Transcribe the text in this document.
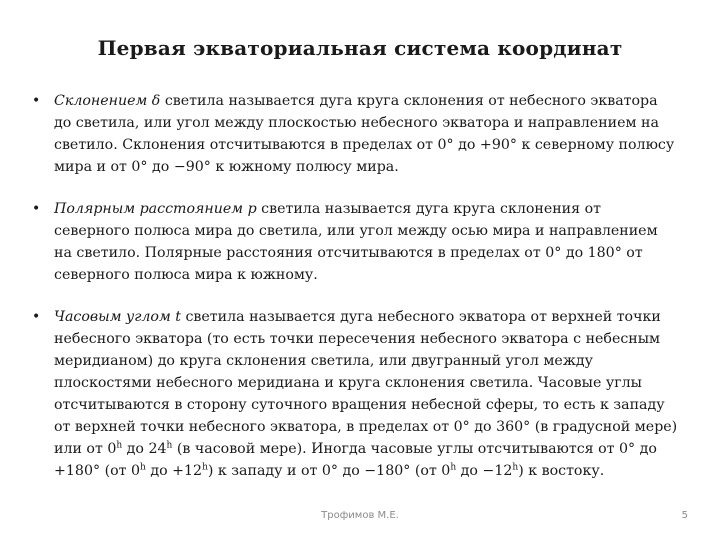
Первая экваториальная система координат
• Склонением δ светила называется дуга круга склонения от небесного экватора до светила, или угол между плоскостью небесного экватора и направлением на светило. Склонения отсчитываются в пределах от 0° до +90° к северному полюсу мира и от 0° до −90° к южному полюсу мира.
• Полярным расстоянием р светила называется дуга круга склонения от северного полюса мира до светила, или угол между осью мира и направлением на светило. Полярные расстояния отсчитываются в пределах от 0° до 180° от северного полюса мира к южному.
• Часовым углом t светила называется дуга небесного экватора от верхней точки небесного экватора (то есть точки пересечения небесного экватора с небесным меридианом) до круга склонения светила, или двугранный угол между плоскостями небесного меридиана и круга склонения светила. Часовые углы отсчитываются в сторону суточного вращения небесной сферы, то есть к западу от верхней точки небесного экватора, в пределах от 0° до 360° (в градусной мере) или от 0$^h$ до 24$^h$ (в часовой мере). Иногда часовые углы отсчитываются от 0° до +180° (от 0$^h$ до $+12^h$) к западу и от 0° до −180° (от 0$^h$ до $-12^h$) к востоку.
Трофимов М.Е.	5
